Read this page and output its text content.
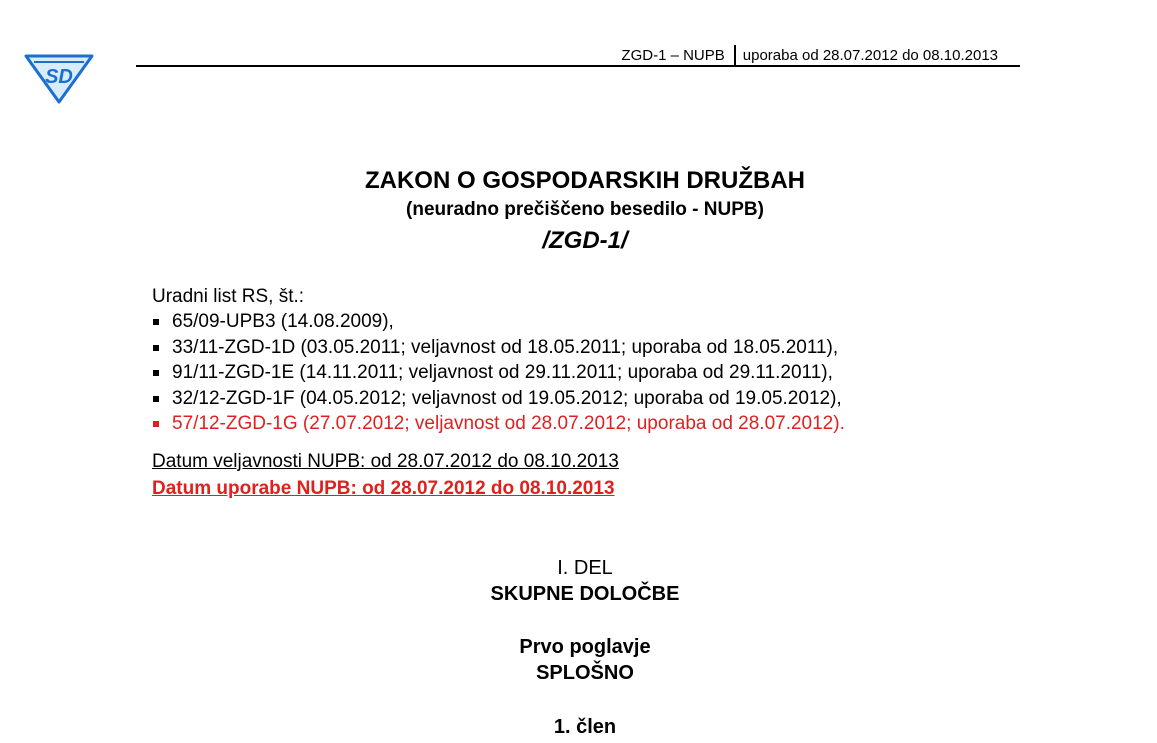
SD
ZGD-1 – NUPB uporaba od 28.07.2012 do 08.10.2013
ZAKON O GOSPODARSKIH DRUŽBAH
(neuradno prečiščeno besedilo - NUPB)
/ZGD-1/
Uradni list RS, št.:
65/09-UPB3 (14.08.2009),
33/11-ZGD-1D (03.05.2011; veljavnost od 18.05.2011; uporaba od 18.05.2011),
91/11-ZGD-1E (14.11.2011; veljavnost od 29.11.2011; uporaba od 29.11.2011),
32/12-ZGD-1F (04.05.2012; veljavnost od 19.05.2012; uporaba od 19.05.2012),
57/12-ZGD-1G (27.07.2012; veljavnost od 28.07.2012; uporaba od 28.07.2012).
Datum veljavnosti NUPB: od 28.07.2012 do 08.10.2013
Datum uporabe NUPB: od 28.07.2012 do 08.10.2013
I. DEL
SKUPNE DOLOČBE
Prvo poglavje
SPLOŠNO
1. člen
